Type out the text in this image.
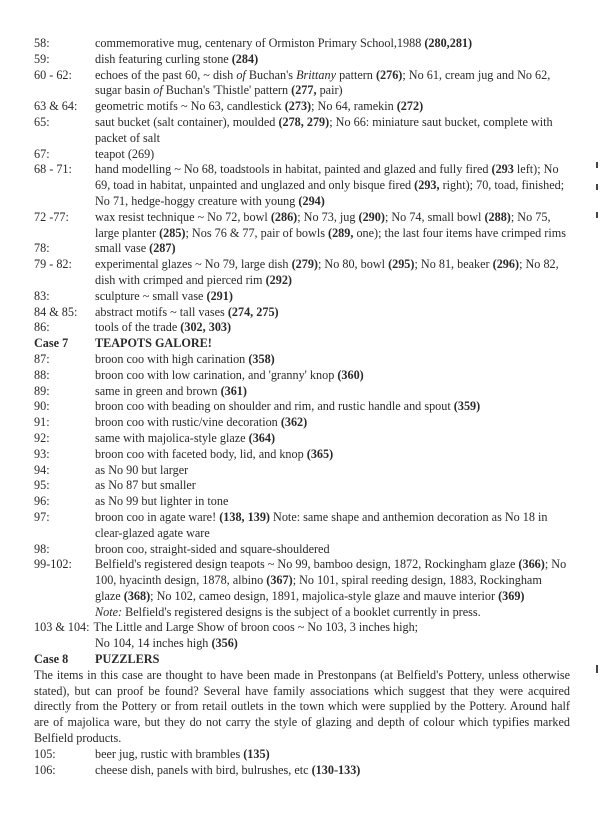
58:	commemorative mug, centenary of Ormiston Primary School,1988 (280,281)
59:	dish featuring curling stone (284)
60 - 62:	echoes of the past 60, ~ dish of Buchan's Brittany pattern (276); No 61, cream jug and No 62, sugar basin of Buchan's 'Thistle' pattern (277, pair)
63 & 64:	geometric motifs ~ No 63, candlestick (273); No 64, ramekin (272)
65:	saut bucket (salt container), moulded (278, 279); No 66: miniature saut bucket, complete with packet of salt
67:	teapot (269)
68 - 71:	hand modelling ~ No 68, toadstools in habitat, painted and glazed and fully fired (293 left); No 69, toad in habitat, unpainted and unglazed and only bisque fired (293, right); 70, toad, finished; No 71, hedge-hoggy creature with young (294)
72 -77:	wax resist technique ~ No 72, bowl (286); No 73, jug (290); No 74, small bowl (288); No 75, large planter (285); Nos 76 & 77, pair of bowls (289, one); the last four items have crimped rims
78:	small vase (287)
79 - 82:	experimental glazes ~ No 79, large dish (279); No 80, bowl (295); No 81, beaker (296); No 82, dish with crimped and pierced rim (292)
83:	sculpture ~ small vase (291)
84 & 85:	abstract motifs ~ tall vases (274, 275)
86:	tools of the trade (302, 303)
Case 7	TEAPOTS GALORE!
87:	broon coo with high carination (358)
88:	broon coo with low carination, and 'granny' knop (360)
89:	same in green and brown (361)
90:	broon coo with beading on shoulder and rim, and rustic handle and spout (359)
91:	broon coo with rustic/vine decoration (362)
92:	same with majolica-style glaze (364)
93:	broon coo with faceted body, lid, and knop (365)
94:	as No 90 but larger
95:	as No 87 but smaller
96:	as No 99 but lighter in tone
97:	broon coo in agate ware! (138, 139) Note: same shape and anthemion decoration as No 18 in clear-glazed agate ware
98:	broon coo, straight-sided and square-shouldered
99-102:	Belfield's registered design teapots ~ No 99, bamboo design, 1872, Rockingham glaze (366); No 100, hyacinth design, 1878, albino (367); No 101, spiral reeding design, 1883, Rockingham glaze (368); No 102, cameo design, 1891, majolica-style glaze and mauve interior (369)
Note: Belfield's registered designs is the subject of a booklet currently in press.
103 & 104: The Little and Large Show of broon coos ~ No 103, 3 inches high;
No 104, 14 inches high (356)
Case 8	PUZZLERS
The items in this case are thought to have been made in Prestonpans (at Belfield's Pottery, unless otherwise stated), but can proof be found? Several have family associations which suggest that they were acquired directly from the Pottery or from retail outlets in the town which were supplied by the Pottery. Around half are of majolica ware, but they do not carry the style of glazing and depth of colour which typifies marked Belfield products.
105:	beer jug, rustic with brambles (135)
106:	cheese dish, panels with bird, bulrushes, etc (130-133)
